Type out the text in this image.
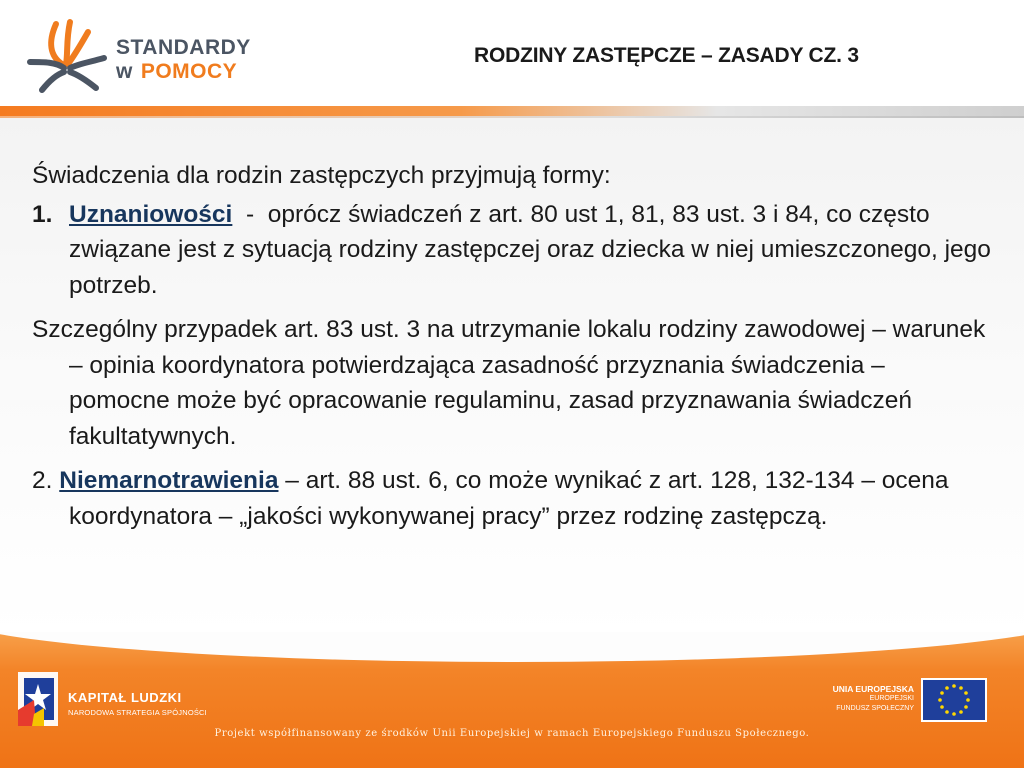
STANDARDY
w POMOCY
RODZINY ZASTĘPCZE – ZASADY CZ. 3

Świadczenia dla rodzin zastępczych przyjmują formy:

1. Uznaniowości  -  oprócz świadczeń z art. 80 ust 1, 81, 83 ust. 3 i 84, co często związane jest z sytuacją rodziny zastępczej oraz dziecka w niej umieszczonego, jego potrzeb.

Szczególny przypadek art. 83 ust. 3 na utrzymanie lokalu rodziny zawodowej – warunek – opinia koordynatora potwierdzająca zasadność przyznania świadczenia – pomocne może być opracowanie regulaminu, zasad przyznawania świadczeń fakultatywnych.

2. Niemarnotrawienia – art. 88 ust. 6, co może wynikać z art. 128, 132-134 – ocena koordynatora – „jakości wykonywanej pracy” przez rodzinę zastępczą.

KAPITAŁ LUDZKI
NARODOWA STRATEGIA SPÓJNOŚCI
UNIA EUROPEJSKA
EUROPEJSKI
FUNDUSZ SPOŁECZNY
Projekt współfinansowany ze środków Unii Europejskiej w ramach Europejskiego Funduszu Społecznego.
